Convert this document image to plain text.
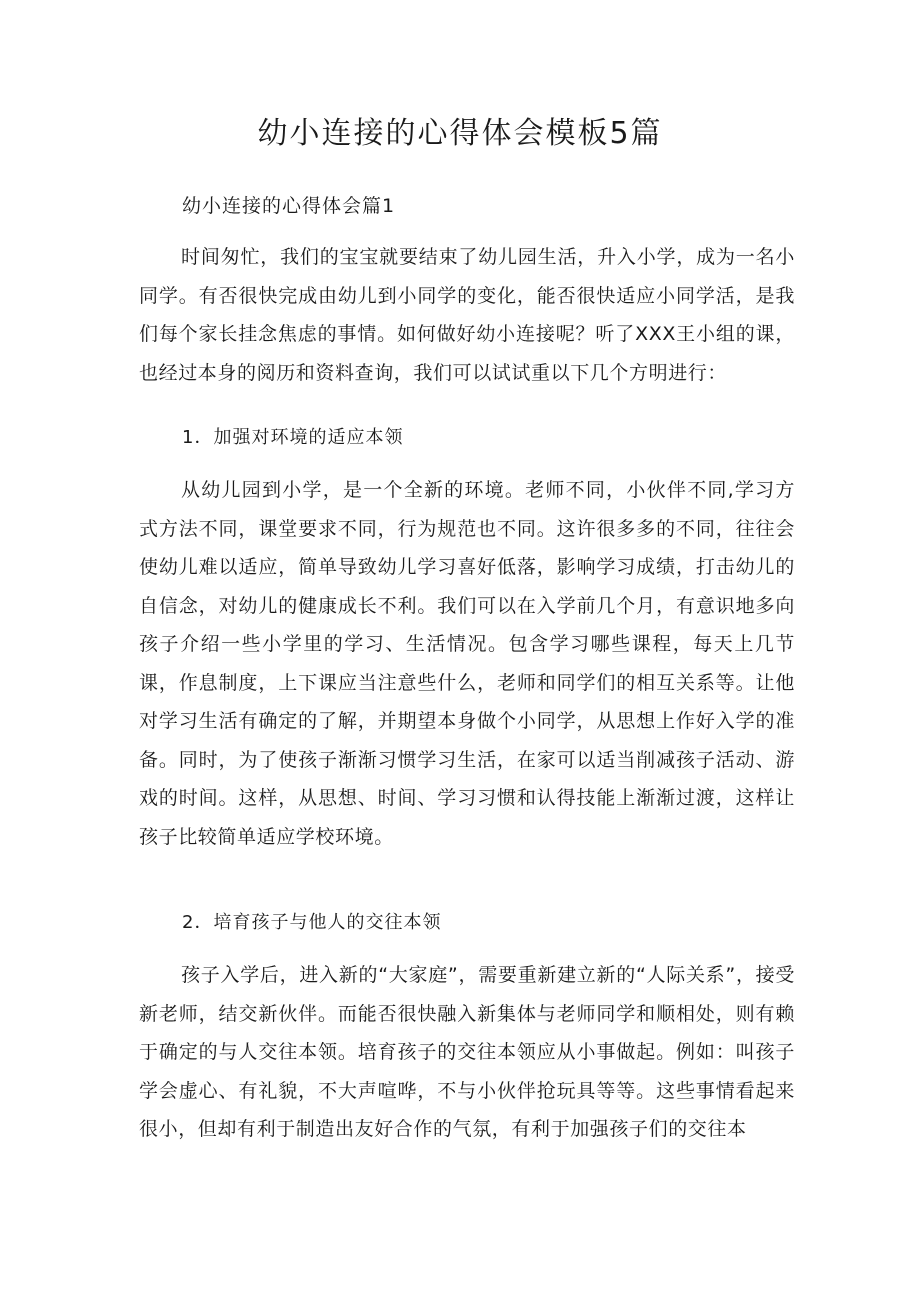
幼小连接的心得体会模板5篇

幼小连接的心得体会篇1

时间匆忙，我们的宝宝就要结束了幼儿园生活，升入小学，成为一名小同学。有否很快完成由幼儿到小同学的变化，能否很快适应小同学活，是我们每个家长挂念焦虑的事情。如何做好幼小连接呢？听了XXX王小组的课，也经过本身的阅历和资料查询，我们可以试试重以下几个方明进行：

1．加强对环境的适应本领

从幼儿园到小学，是一个全新的环境。老师不同，小伙伴不同,学习方式方法不同，课堂要求不同，行为规范也不同。这许很多多的不同，往往会使幼儿难以适应，简单导致幼儿学习喜好低落，影响学习成绩，打击幼儿的自信念，对幼儿的健康成长不利。我们可以在入学前几个月，有意识地多向孩子介绍一些小学里的学习、生活情况。包含学习哪些课程，每天上几节课，作息制度，上下课应当注意些什么，老师和同学们的相互关系等。让他对学习生活有确定的了解，并期望本身做个小同学，从思想上作好入学的准备。同时，为了使孩子渐渐习惯学习生活，在家可以适当削减孩子活动、游戏的时间。这样，从思想、时间、学习习惯和认得技能上渐渐过渡，这样让孩子比较简单适应学校环境。

2．培育孩子与他人的交往本领

孩子入学后，进入新的“大家庭”，需要重新建立新的“人际关系”，接受新老师，结交新伙伴。而能否很快融入新集体与老师同学和顺相处，则有赖于确定的与人交往本领。培育孩子的交往本领应从小事做起。例如：叫孩子学会虚心、有礼貌，不大声喧哗，不与小伙伴抢玩具等等。这些事情看起来很小，但却有利于制造出友好合作的气氛，有利于加强孩子们的交往本
